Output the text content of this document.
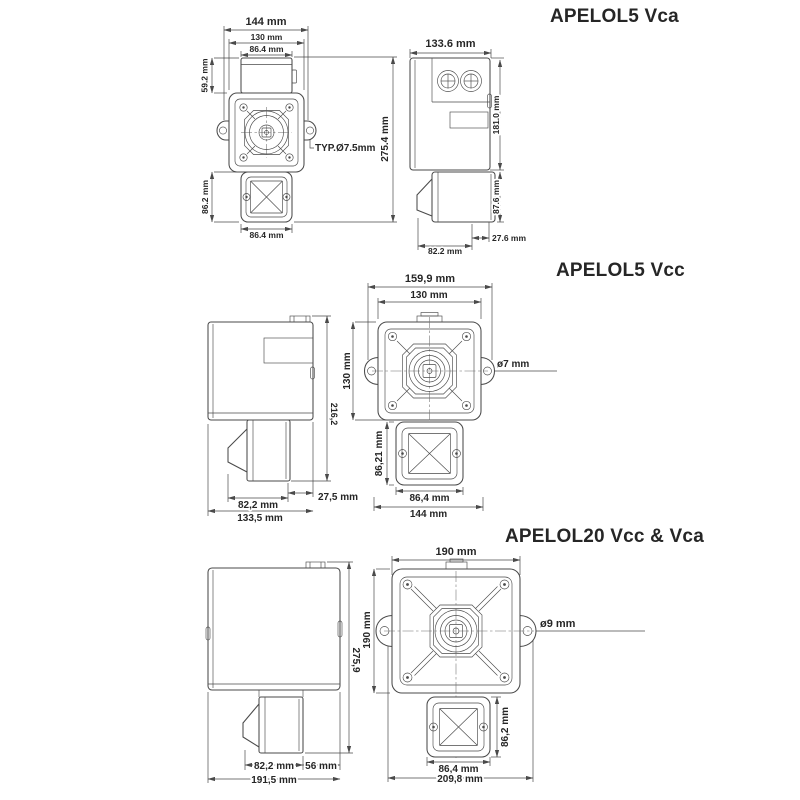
APELOL5 Vca
144 mm
130 mm
86.4 mm
59.2 mm
86.2 mm
86.4 mm
275.4 mm
TYP.Ø7.5mm
133.6 mm
181.0 mm
87.6 mm
82.2 mm
27.6 mm
APELOL5 Vcc
216,2
82,2 mm
27,5 mm
133,5 mm
159,9 mm
130 mm
130 mm	ø7 mm
86,21 mm
86,4 mm
144 mm
APELOL20 Vcc & Vca
275,9
190 mm
82,2 mm 56 mm
191,5 mm
190 mm
ø9 mm
86,2 mm
86,4 mm
209,8 mm
